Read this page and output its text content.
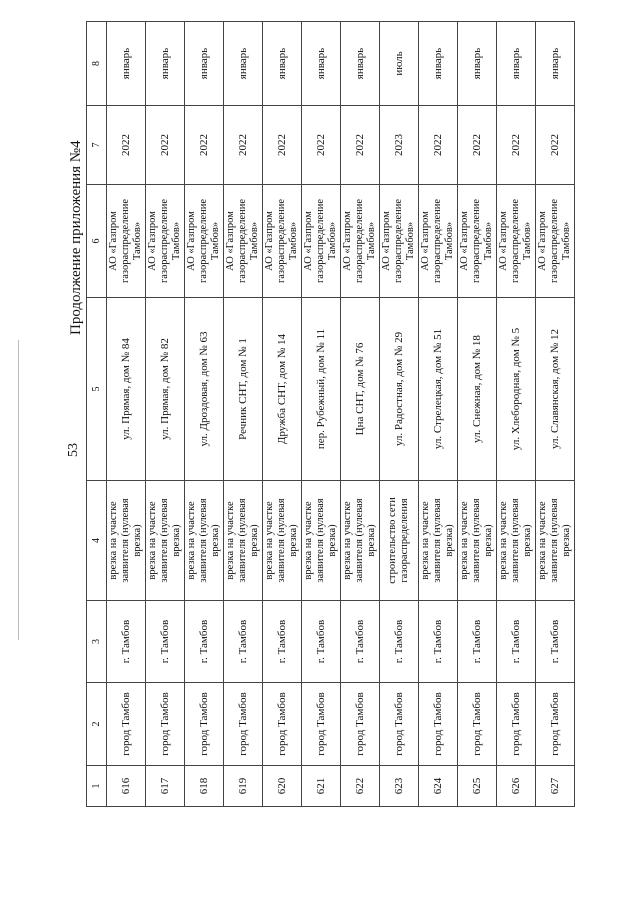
53
Продолжение приложения №4
1	2	3	4	5	6	7	8
616	город Тамбов	г. Тамбов	врезка на участке заявителя (нулевая врезка)	ул. Прямая, дом № 84	АО «Газпром газораспределение Тамбов»	2022	январь
617	город Тамбов	г. Тамбов	врезка на участке заявителя (нулевая врезка)	ул. Прямая, дом № 82	АО «Газпром газораспределение Тамбов»	2022	январь
618	город Тамбов	г. Тамбов	врезка на участке заявителя (нулевая врезка)	ул. Дроздовая, дом № 63	АО «Газпром газораспределение Тамбов»	2022	январь
619	город Тамбов	г. Тамбов	врезка на участке заявителя (нулевая врезка)	Речник СНТ, дом № 1	АО «Газпром газораспределение Тамбов»	2022	январь
620	город Тамбов	г. Тамбов	врезка на участке заявителя (нулевая врезка)	Дружба СНТ, дом № 14	АО «Газпром газораспределение Тамбов»	2022	январь
621	город Тамбов	г. Тамбов	врезка на участке заявителя (нулевая врезка)	пер. Рубежный, дом № 11	АО «Газпром газораспределение Тамбов»	2022	январь
622	город Тамбов	г. Тамбов	врезка на участке заявителя (нулевая врезка)	Цна СНТ, дом № 76	АО «Газпром газораспределение Тамбов»	2022	январь
623	город Тамбов	г. Тамбов	строительство сети газораспределения	ул. Радостная, дом № 29	АО «Газпром газораспределение Тамбов»	2023	июль
624	город Тамбов	г. Тамбов	врезка на участке заявителя (нулевая врезка)	ул. Стрелецкая, дом № 51	АО «Газпром газораспределение Тамбов»	2022	январь
625	город Тамбов	г. Тамбов	врезка на участке заявителя (нулевая врезка)	ул. Снежная, дом № 18	АО «Газпром газораспределение Тамбов»	2022	январь
626	город Тамбов	г. Тамбов	врезка на участке заявителя (нулевая врезка)	ул. Хлебородная, дом № 5	АО «Газпром газораспределение Тамбов»	2022	январь
627	город Тамбов	г. Тамбов	врезка на участке заявителя (нулевая врезка)	ул. Славянская, дом № 12	АО «Газпром газораспределение Тамбов»	2022	январь
